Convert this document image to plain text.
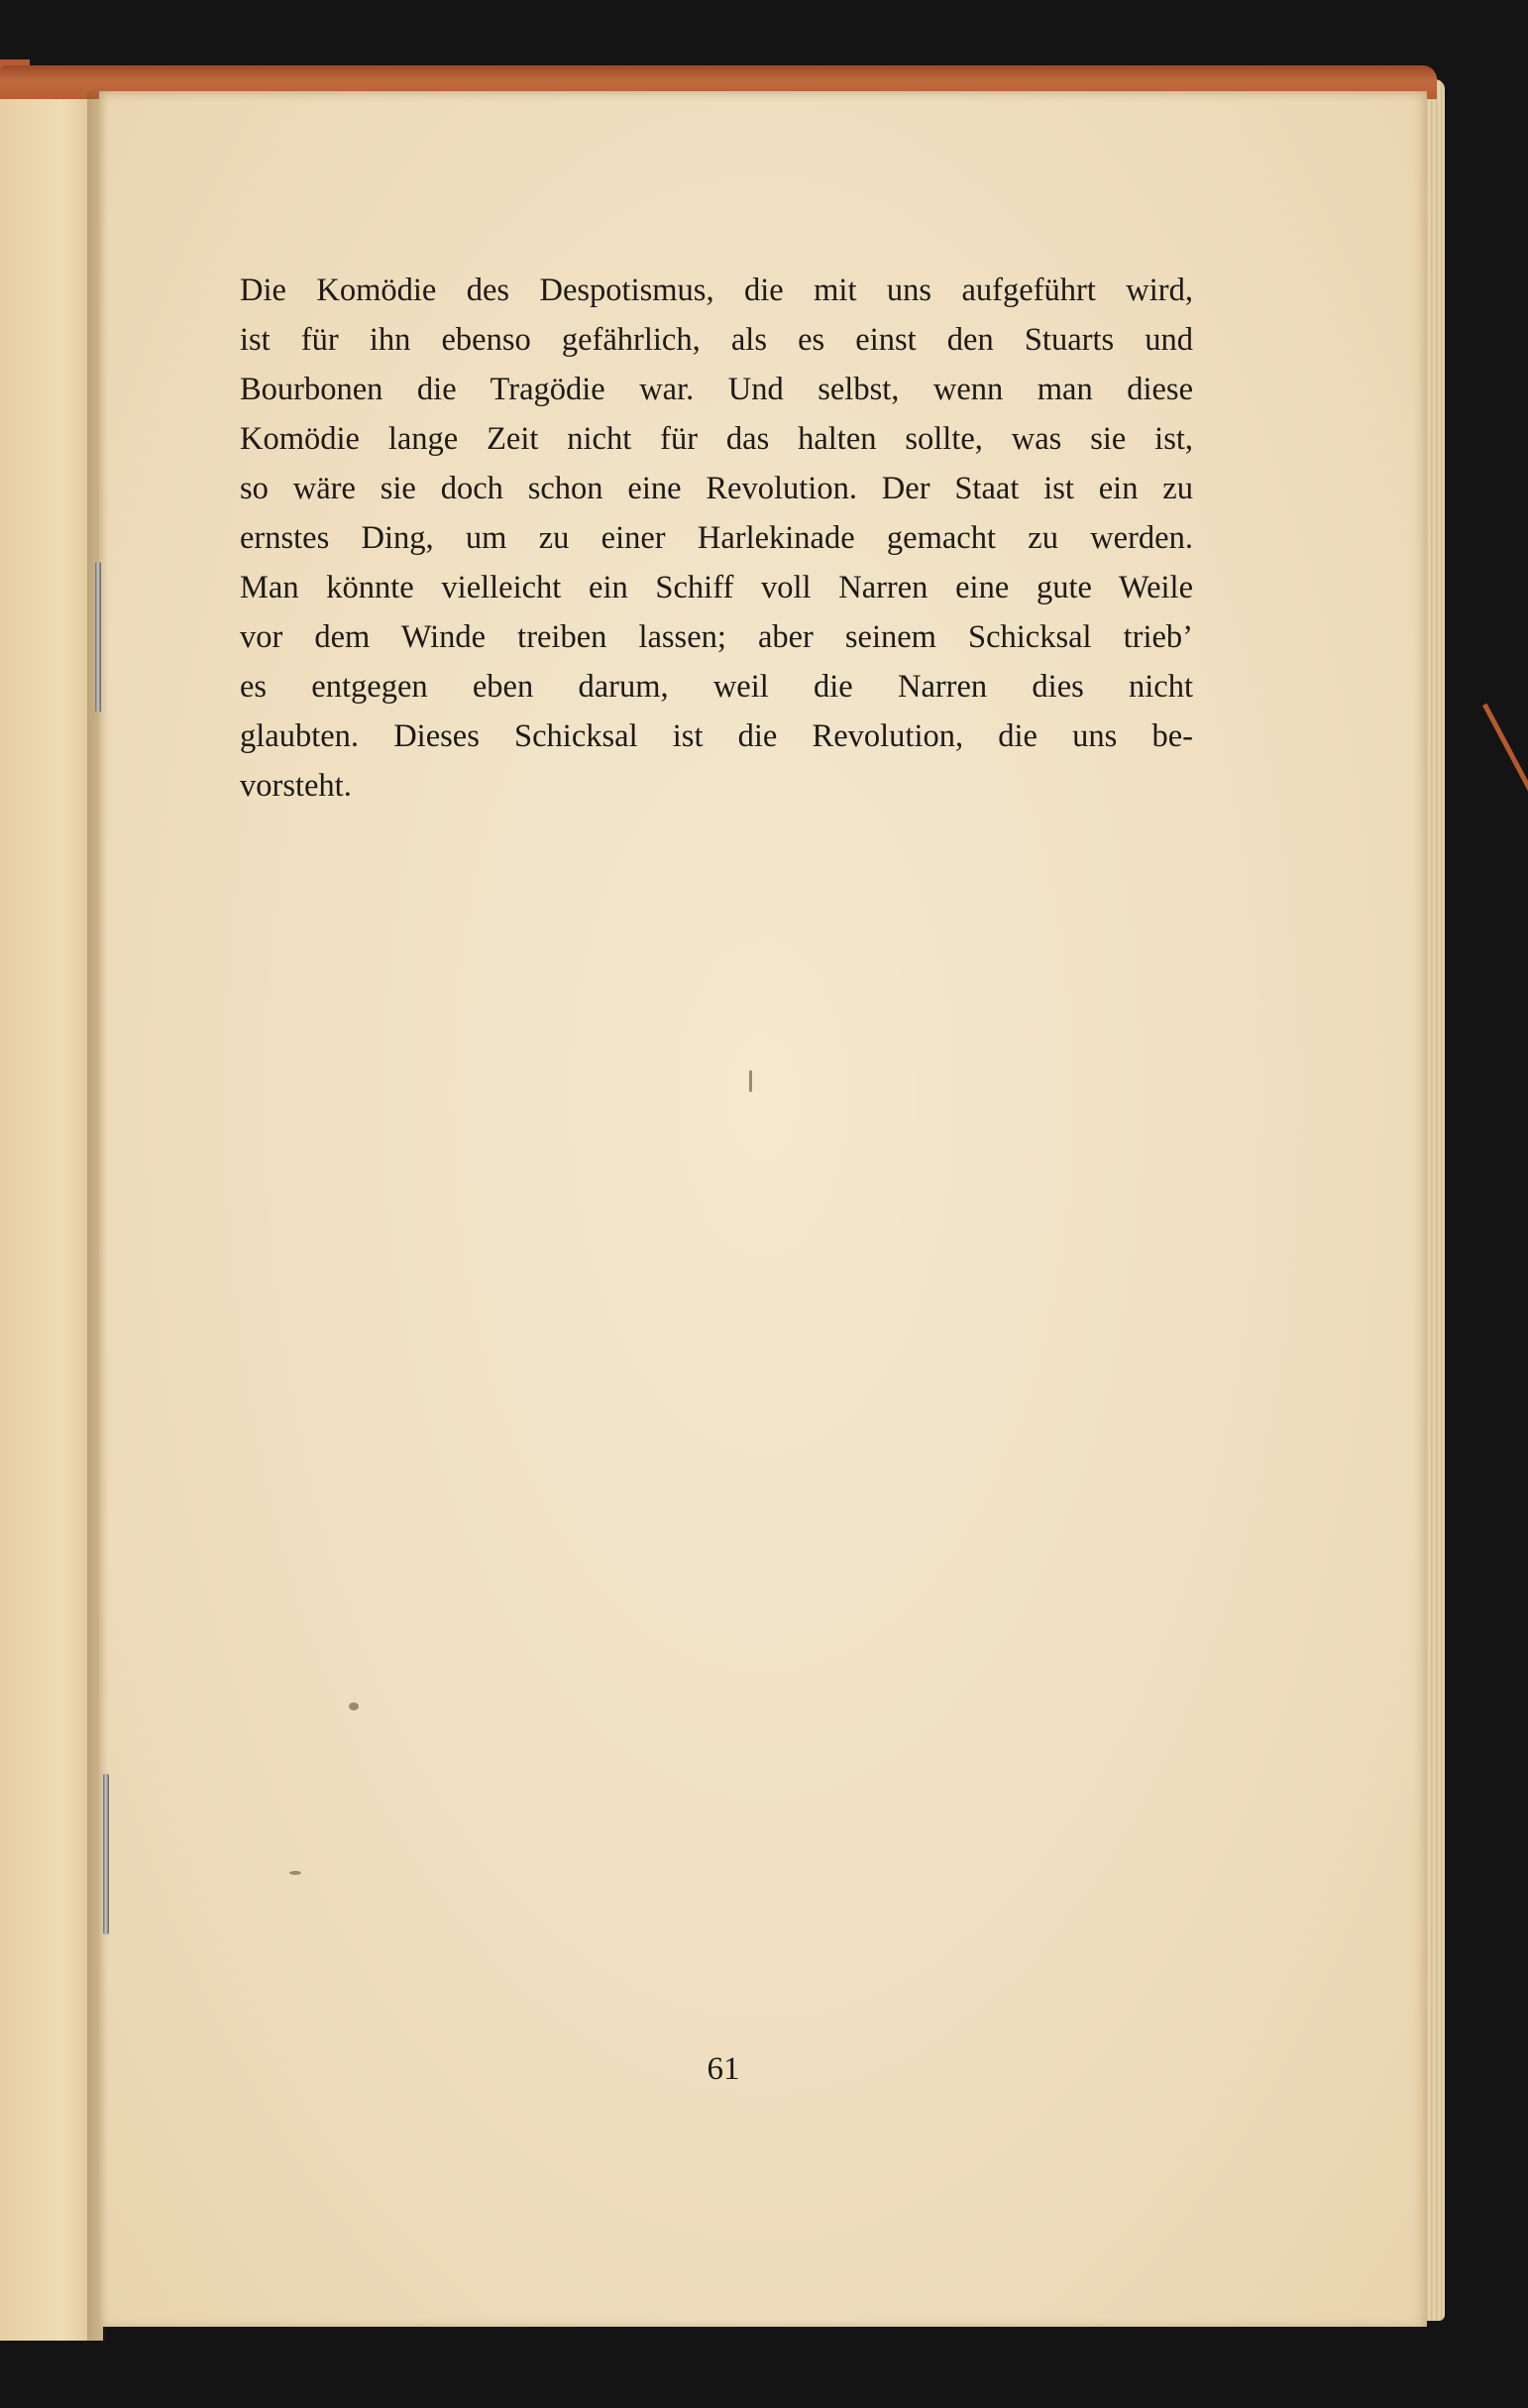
Die Komödie des Despotismus, die mit uns aufgeführt wird,
ist für ihn ebenso gefährlich, als es einst den Stuarts und
Bourbonen die Tragödie war. Und selbst, wenn man diese
Komödie lange Zeit nicht für das halten sollte, was sie ist,
so wäre sie doch schon eine Revolution. Der Staat ist ein zu
ernstes Ding, um zu einer Harlekinade gemacht zu werden.
Man könnte vielleicht ein Schiff voll Narren eine gute Weile
vor dem Winde treiben lassen; aber seinem Schicksal trieb’
es entgegen eben darum, weil die Narren dies nicht
glaubten. Dieses Schicksal ist die Revolution, die uns be-
vorsteht.
61
